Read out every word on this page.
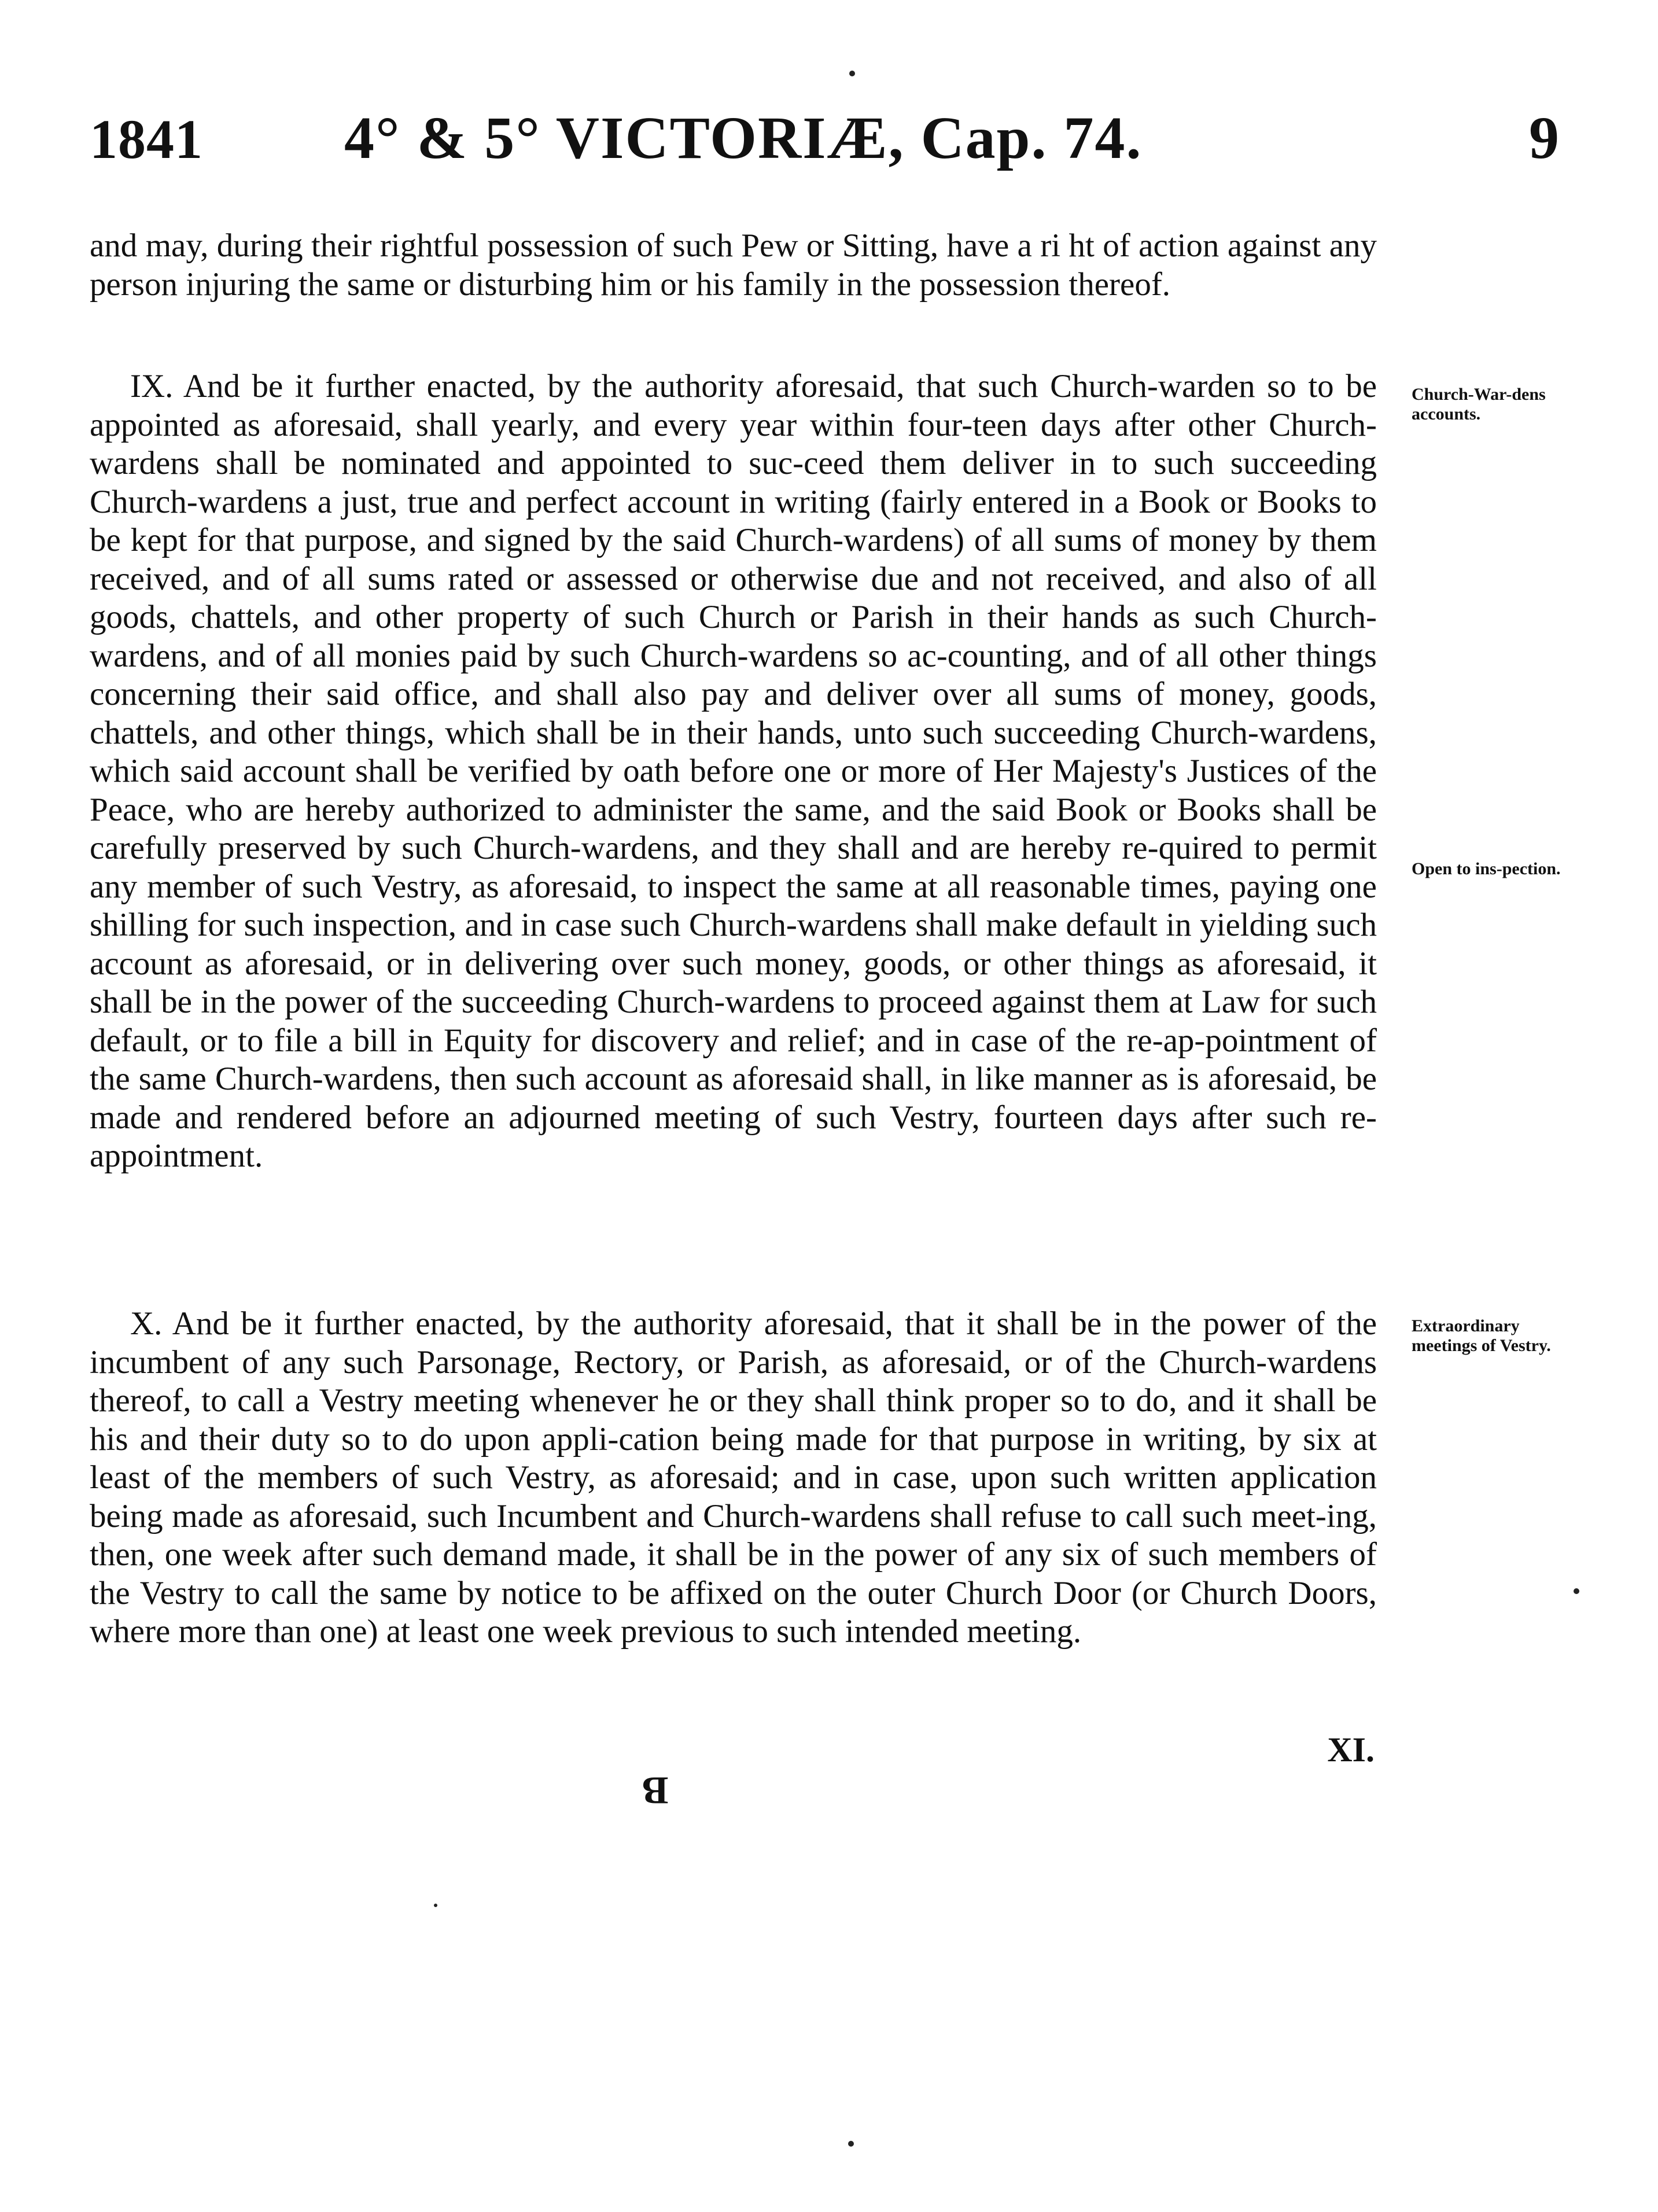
1841 4° & 5° VICTORIÆ, Cap. 74.	9

and may, during their rightful possession of such Pew or Sitting, have a ri ht of action against any person injuring the same or disturbing him or his family in the possession thereof.

IX. And be it further enacted, by the authority aforesaid, that such Church-warden so to be appointed as aforesaid, shall yearly, and every year within four-teen days after other Church-wardens shall be nominated and appointed to suc-ceed them deliver in to such succeeding Church-wardens a just, true and perfect account in writing (fairly entered in a Book or Books to be kept for that purpose, and signed by the said Church-wardens) of all sums of money by them received, and of all sums rated or assessed or otherwise due and not received, and also of all goods, chattels, and other property of such Church or Parish in their hands as such Church-wardens, and of all monies paid by such Church-wardens so ac-counting, and of all other things concerning their said office, and shall also pay and deliver over all sums of money, goods, chattels, and other things, which shall be in their hands, unto such succeeding Church-wardens, which said account shall be verified by oath before one or more of Her Majesty's Justices of the Peace, who are hereby authorized to administer the same, and the said Book or Books shall be carefully preserved by such Church-wardens, and they shall and are hereby re-quired to permit any member of such Vestry, as aforesaid, to inspect the same at all reasonable times, paying one shilling for such inspection, and in case such Church-wardens shall make default in yielding such account as aforesaid, or in delivering over such money, goods, or other things as aforesaid, it shall be in the power of the succeeding Church-wardens to proceed against them at Law for such default, or to file a bill in Equity for discovery and relief; and in case of the re-ap-pointment of the same Church-wardens, then such account as aforesaid shall, in like manner as is aforesaid, be made and rendered before an adjourned meeting of such Vestry, fourteen days after such re-appointment.

X. And be it further enacted, by the authority aforesaid, that it shall be in the power of the incumbent of any such Parsonage, Rectory, or Parish, as aforesaid, or of the Church-wardens thereof, to call a Vestry meeting whenever he or they shall think proper so to do, and it shall be his and their duty so to do upon appli-cation being made for that purpose in writing, by six at least of the members of such Vestry, as aforesaid; and in case, upon such written application being made as aforesaid, such Incumbent and Church-wardens shall refuse to call such meet-ing, then, one week after such demand made, it shall be in the power of any six of such members of the Vestry to call the same by notice to be affixed on the outer Church Door (or Church Doors, where more than one) at least one week previous to such intended meeting.

Church-War-dens accounts.
Open to ins-pection.
Extraordinary meetings of Vestry.
XI.
B
